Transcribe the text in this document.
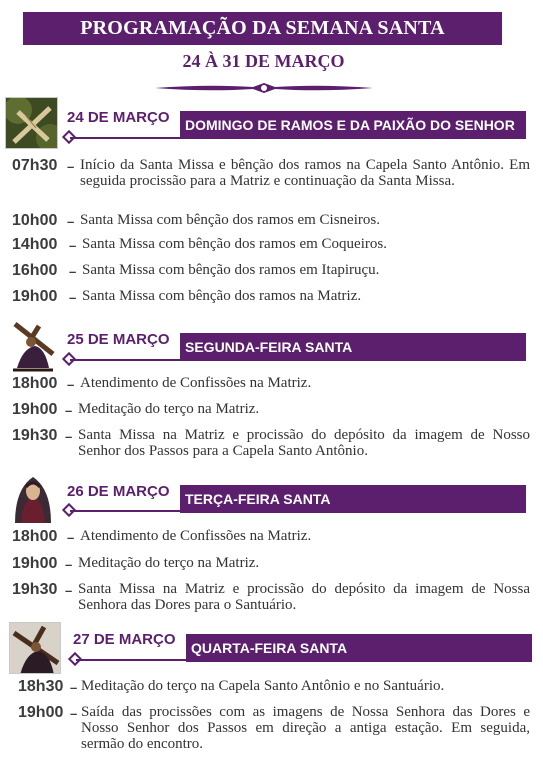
PROGRAMAÇÃO DA SEMANA SANTA
24 À 31 DE MARÇO
24 DE MARÇO	DOMINGO DE RAMOS E DA PAIXÃO DO SENHOR
07h30 – Início da Santa Missa e bênção dos ramos na Capela Santo Antônio. Em seguida procissão para a Matriz e continuação da Santa Missa.
10h00 – Santa Missa com bênção dos ramos em Cisneiros.
14h00 – Santa Missa com bênção dos ramos em Coqueiros.
16h00 – Santa Missa com bênção dos ramos em Itapiruçu.
19h00 – Santa Missa com bênção dos ramos na Matriz.
25 DE MARÇO	SEGUNDA-FEIRA SANTA
18h00 – Atendimento de Confissões na Matriz.
19h00 – Meditação do terço na Matriz.
19h30 – Santa Missa na Matriz e procissão do depósito da imagem de Nosso Senhor dos Passos para a Capela Santo Antônio.
26 DE MARÇO	TERÇA-FEIRA SANTA
18h00 – Atendimento de Confissões na Matriz.
19h00 – Meditação do terço na Matriz.
19h30 – Santa Missa na Matriz e procissão do depósito da imagem de Nossa Senhora das Dores para o Santuário.
27 DE MARÇO	QUARTA-FEIRA SANTA
18h30 – Meditação do terço na Capela Santo Antônio e no Santuário.
19h00 – Saída das procissões com as imagens de Nossa Senhora das Dores e Nosso Senhor dos Passos em direção a antiga estação. Em seguida, sermão do encontro.
